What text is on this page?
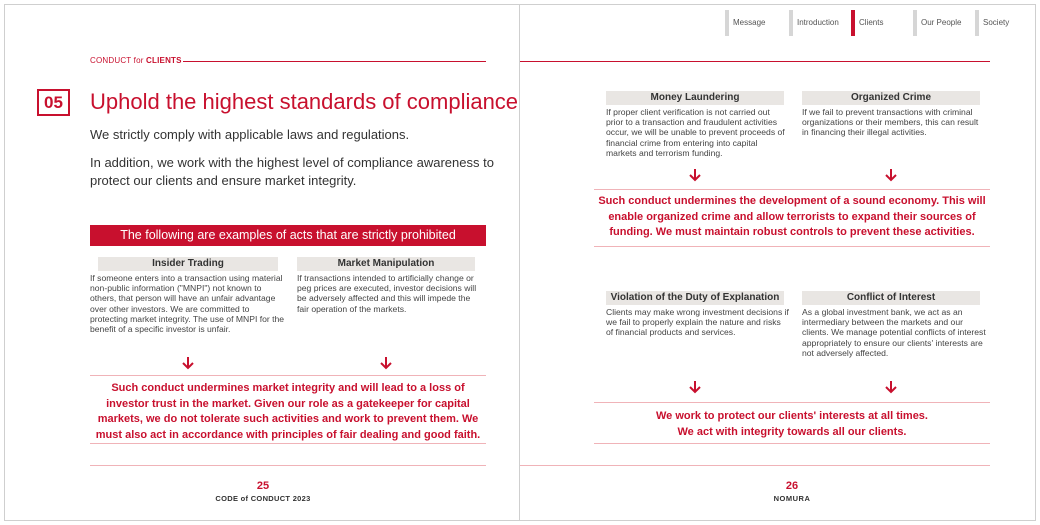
Message	Introduction	Clients	Our People	Society
CONDUCT for CLIENTS
05	Uphold the highest standards of compliance
We strictly comply with applicable laws and regulations.
In addition, we work with the highest level of compliance awareness to protect our clients and ensure market integrity.
The following are examples of acts that are strictly prohibited
Insider Trading
If someone enters into a transaction using material non-public information ("MNPI") not known to others, that person will have an unfair advantage over other investors. We are committed to protecting market integrity. The use of MNPI for the benefit of a specific investor is unfair.
Market Manipulation
If transactions intended to artificially change or peg prices are executed, investor decisions will be adversely affected and this will impede the fair operation of the markets.
Such conduct undermines market integrity and will lead to a loss of investor trust in the market. Given our role as a gatekeeper for capital markets, we do not tolerate such activities and work to prevent them. We must also act in accordance with principles of fair dealing and good faith.
25
CODE of CONDUCT 2023
Money Laundering
If proper client verification is not carried out prior to a transaction and fraudulent activities occur, we will be unable to prevent proceeds of financial crime from entering into capital markets and terrorism funding.
Organized Crime
If we fail to prevent transactions with criminal organizations or their members, this can result in financing their illegal activities.
Such conduct undermines the development of a sound economy. This will enable organized crime and allow terrorists to expand their sources of funding. We must maintain robust controls to prevent these activities.
Violation of the Duty of Explanation
Clients may make wrong investment decisions if we fail to properly explain the nature and risks of financial products and services.
Conflict of Interest
As a global investment bank, we act as an intermediary between the markets and our clients. We manage potential conflicts of interest appropriately to ensure our clients' interests are not adversely affected.
We work to protect our clients' interests at all times.
We act with integrity towards all our clients.
26
NOMURA
